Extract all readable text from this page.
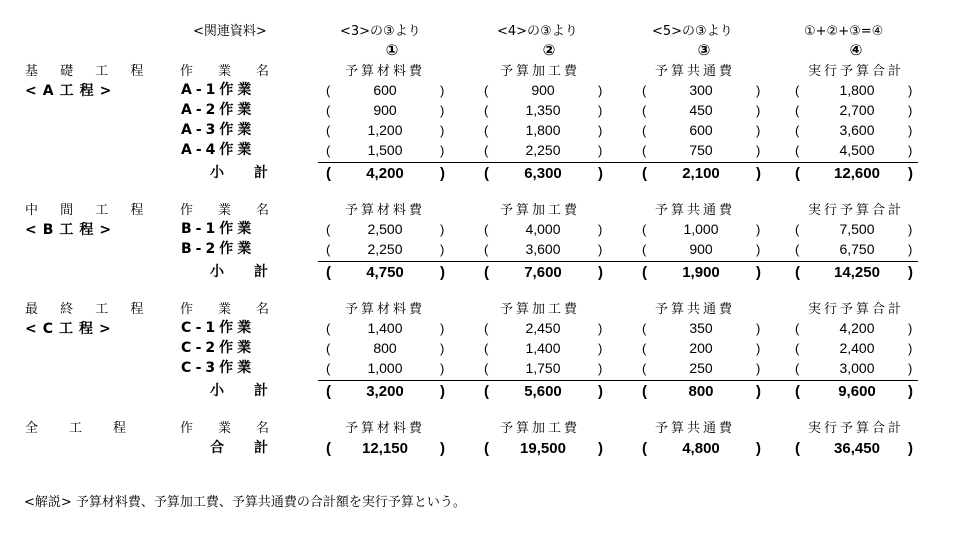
<関連資料>	<3>の③より	<4>の③より	<5>の③より	①+②+③=④
①	②	③	④
基 礎 工 程
<A工程>
作　業　名	予算材料費	予算加工費	予算共通費	実行予算合計
A-1作業	(	600	)	(	900	)	(	300	)	(	1,800	)
A-2作業	(	900	)	(	1,350	)	(	450	)	(	2,700	)
A-3作業	(	1,200	)	(	1,800	)	(	600	)	(	3,600	)
A-4作業	(	1,500	)	(	2,250	)	(	750	)	(	4,500	)
小　計	(	4,200	)	(	6,300	)	(	2,100	) (	12,600	)
中 間 工 程
<B工程>
作　業　名	予算材料費	予算加工費	予算共通費	実行予算合計
B-1作業	(	2,500	)	(	4,000	)	(	1,000	)	(	7,500	)
B-2作業	(	2,250	)	(	3,600	)	(	900	)	(	6,750	)
小　計	(	4,750	)	(	7,600	)	(	1,900	) (	14,250	)
最 終 工 程
<C工程>
作　業　名	予算材料費	予算加工費	予算共通費	実行予算合計
C-1作業	(	1,400	)	(	2,450	)	(	350	)	(	4,200	)
C-2作業	(	800	)	(	1,400	)	(	200	)	(	2,400	)
C-3作業	(	1,000	)	(	1,750	)	(	250	)	(	3,000	)
小　計	(	3,200	)	(	5,600	)	(	800	) (	9,600	)
全　工　程	作　業　名	予算材料費	予算加工費	予算共通費	実行予算合計
合　計	(	12,150	)	(	19,500	)	(	4,800	) (	36,450	)
<解説> 予算材料費、予算加工費、予算共通費の合計額を実行予算という。
